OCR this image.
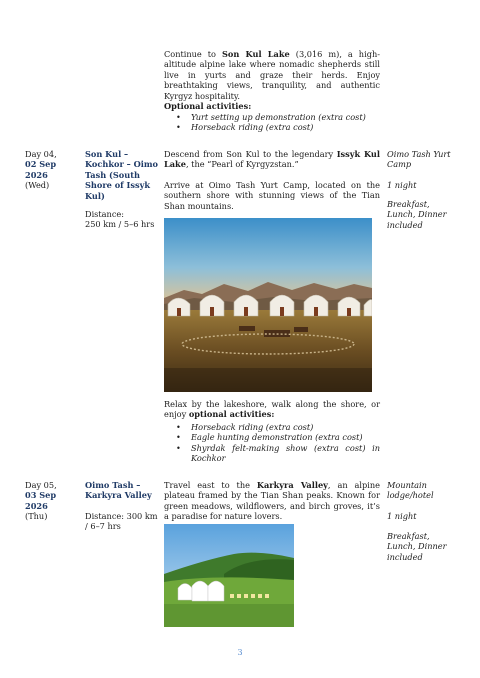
Continue to Son Kul Lake (3,016 m), a high-altitude alpine lake where nomadic shepherds still live in yurts and graze their herds. Enjoy breathtaking views, tranquility, and authentic Kyrgyz hospitality.
Optional activities:
• Yurt setting up demonstration (extra cost)
• Horseback riding (extra cost)
Day 04,
02 Sep 2026
(Wed)
Son Kul – Kochkor – Oimo Tash (South Shore of Issyk Kul)
Distance:
250 km / 5–6 hrs
Descend from Son Kul to the legendary Issyk Kul Lake, the “Pearl of Kyrgyzstan.”
Arrive at Oimo Tash Yurt Camp, located on the southern shore with stunning views of the Tian Shan mountains.
Relax by the lakeshore, walk along the shore, or enjoy optional activities:
• Horseback riding (extra cost)
• Eagle hunting demonstration (extra cost)
• Shyrdak felt-making show (extra cost) in Kochkor
Oimo Tash Yurt Camp
1 night
Breakfast, Lunch, Dinner included
Day 05,
03 Sep 2026
(Thu)
Oimo Tash – Karkyra Valley
Distance: 300 km / 6–7 hrs
Travel east to the Karkyra Valley, an alpine plateau framed by the Tian Shan peaks. Known for green meadows, wildflowers, and birch groves, it’s a paradise for nature lovers.
Mountain lodge/hotel
1 night
Breakfast, Lunch, Dinner included
3
